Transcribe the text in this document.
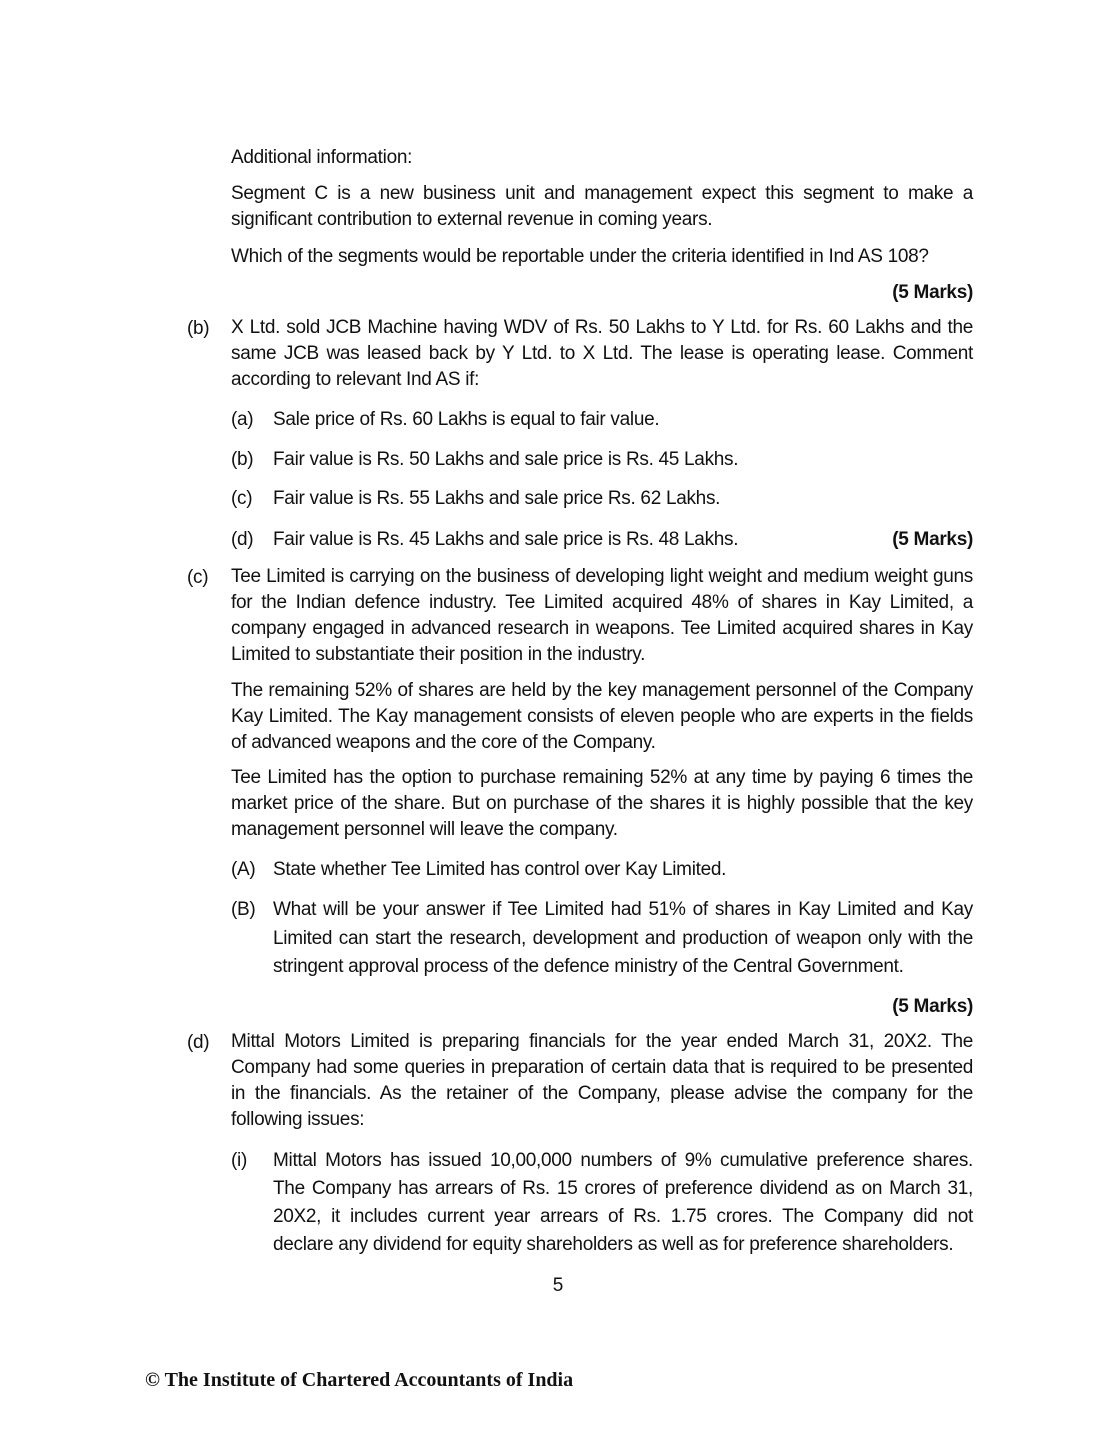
Additional information:
Segment C is a new business unit and management expect this segment to make a significant contribution to external revenue in coming years.
Which of the segments would be reportable under the criteria identified in Ind AS 108?
(5 Marks)
(b) X Ltd. sold JCB Machine having WDV of Rs. 50 Lakhs to Y Ltd. for Rs. 60 Lakhs and the same JCB was leased back by Y Ltd. to X Ltd. The lease is operating lease. Comment according to relevant Ind AS if:
(a) Sale price of Rs. 60 Lakhs is equal to fair value.
(b) Fair value is Rs. 50 Lakhs and sale price is Rs. 45 Lakhs.
(c) Fair value is Rs. 55 Lakhs and sale price Rs. 62 Lakhs.
(d) Fair value is Rs. 45 Lakhs and sale price is Rs. 48 Lakhs.	(5 Marks)
(c) Tee Limited is carrying on the business of developing light weight and medium weight guns for the Indian defence industry. Tee Limited acquired 48% of shares in Kay Limited, a company engaged in advanced research in weapons. Tee Limited acquired shares in Kay Limited to substantiate their position in the industry.
The remaining 52% of shares are held by the key management personnel of the Company Kay Limited. The Kay management consists of eleven people who are experts in the fields of advanced weapons and the core of the Company.
Tee Limited has the option to purchase remaining 52% at any time by paying 6 times the market price of the share. But on purchase of the shares it is highly possible that the key management personnel will leave the company.
(A) State whether Tee Limited has control over Kay Limited.
(B) What will be your answer if Tee Limited had 51% of shares in Kay Limited and Kay Limited can start the research, development and production of weapon only with the stringent approval process of the defence ministry of the Central Government.
(5 Marks)
(d) Mittal Motors Limited is preparing financials for the year ended March 31, 20X2. The Company had some queries in preparation of certain data that is required to be presented in the financials. As the retainer of the Company, please advise the company for the following issues:
(i) Mittal Motors has issued 10,00,000 numbers of 9% cumulative preference shares. The Company has arrears of Rs. 15 crores of preference dividend as on March 31, 20X2, it includes current year arrears of Rs. 1.75 crores. The Company did not declare any dividend for equity shareholders as well as for preference shareholders.
5
© The Institute of Chartered Accountants of India
